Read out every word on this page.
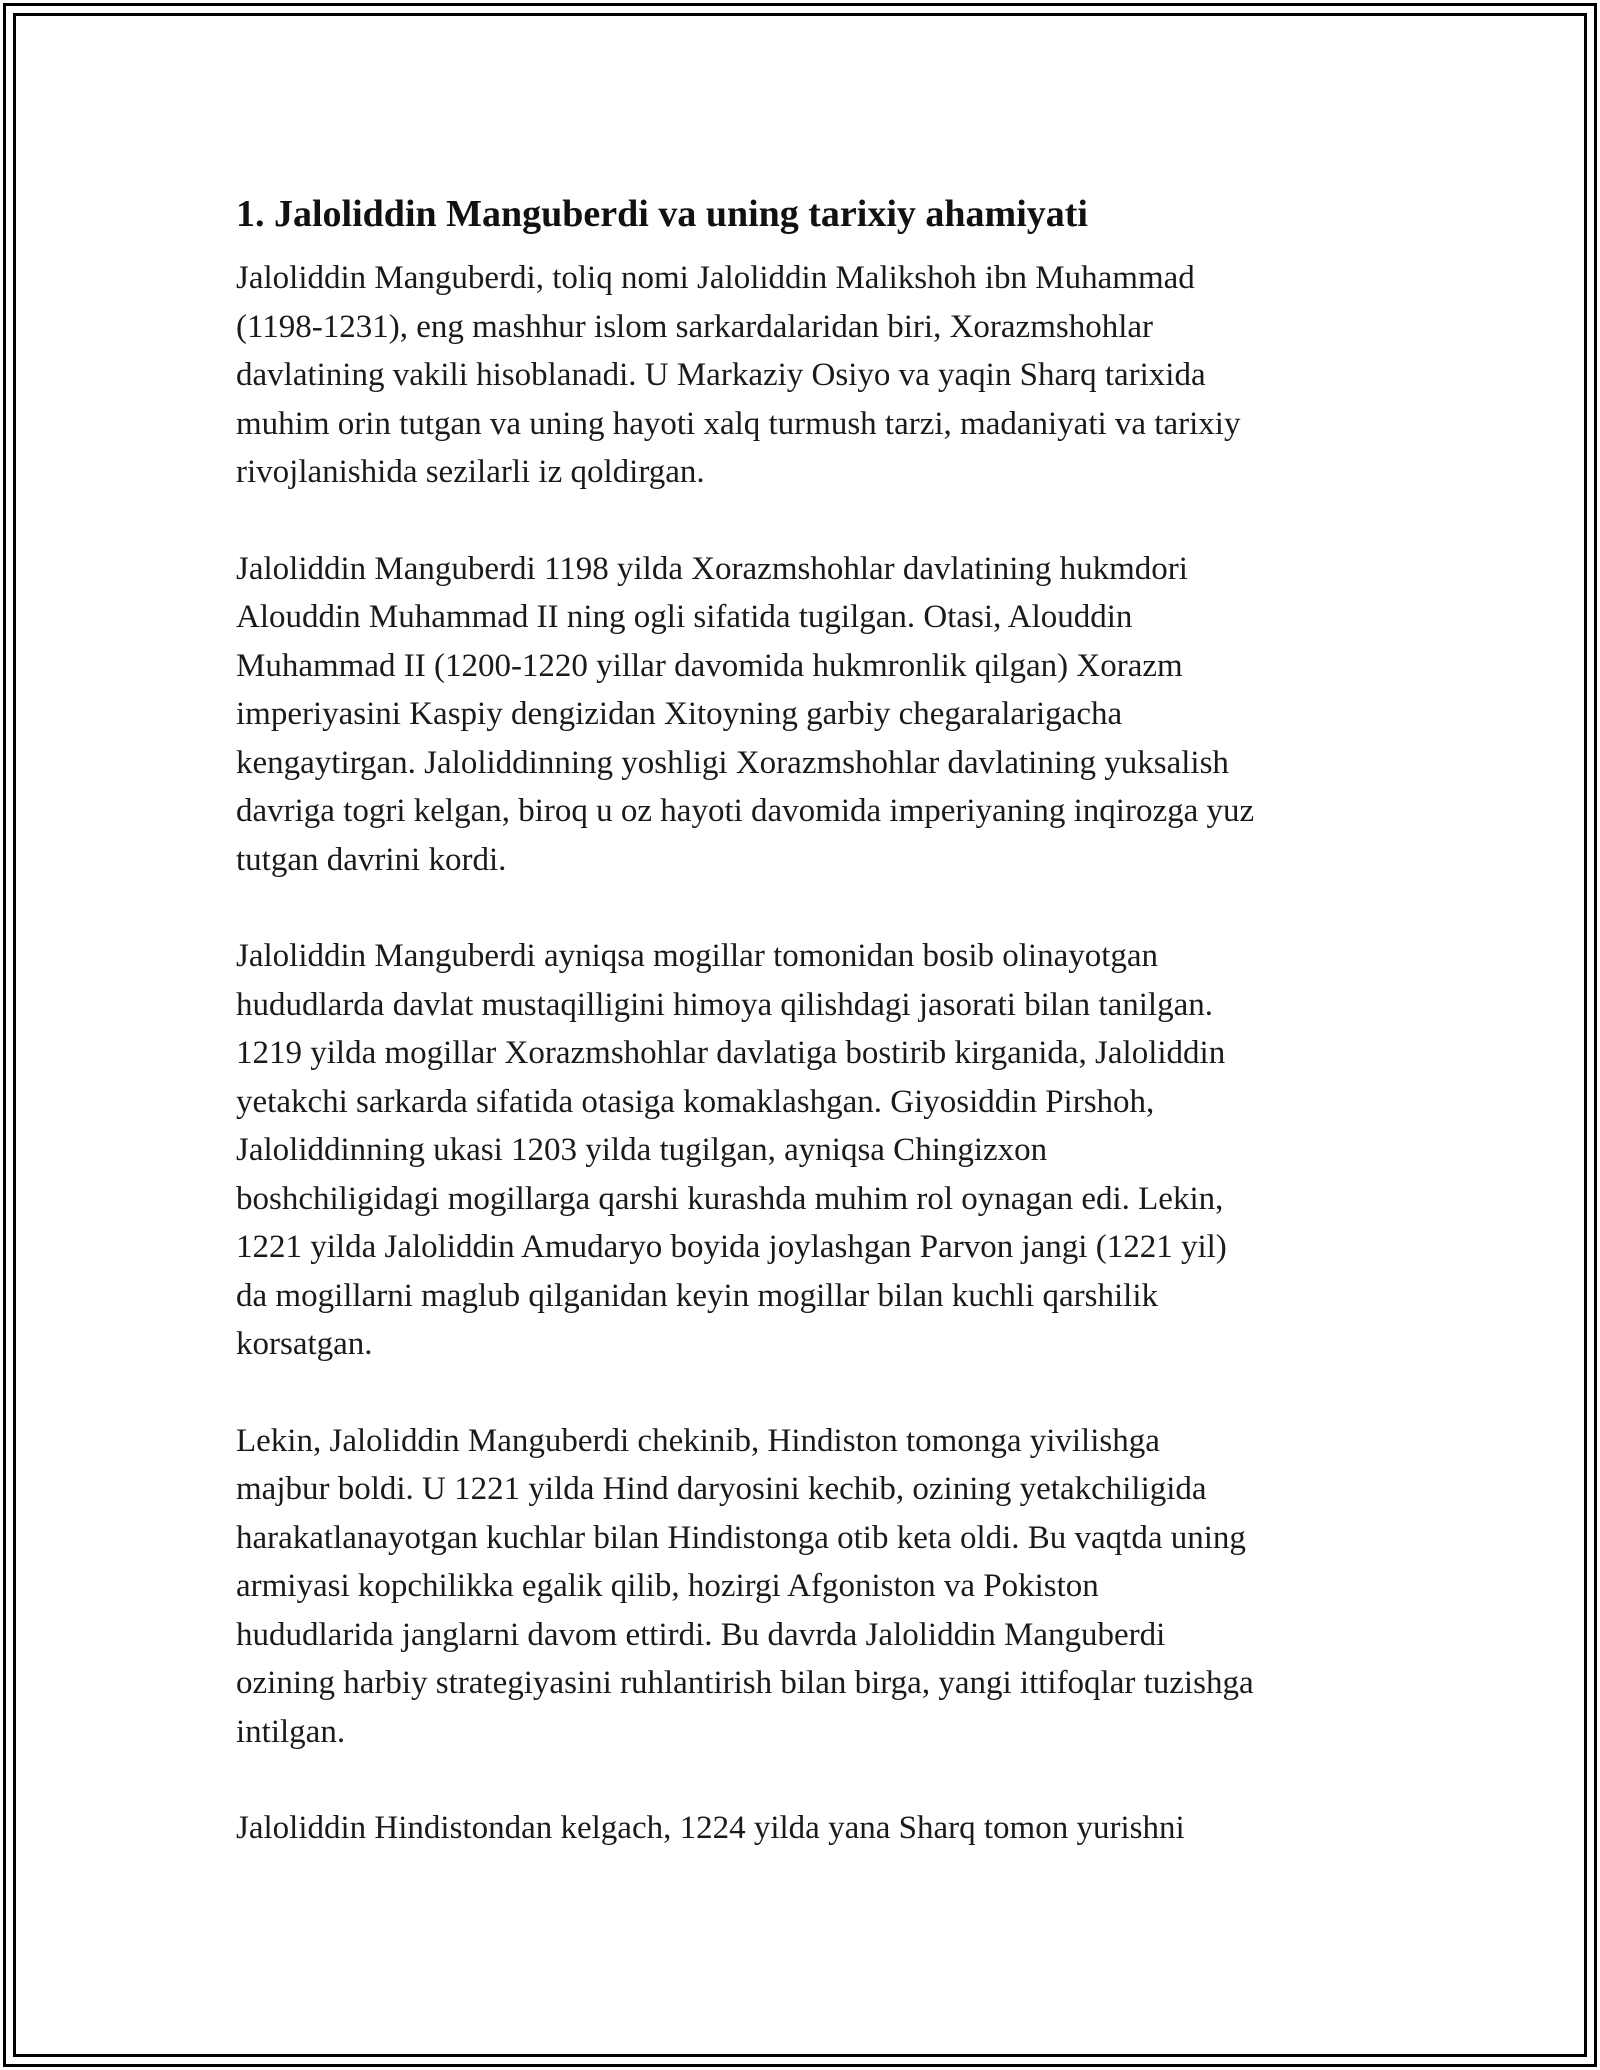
1. Jaloliddin Manguberdi va uning tarixiy ahamiyati

Jaloliddin Manguberdi, toliq nomi Jaloliddin Malikshoh ibn Muhammad
(1198-1231), eng mashhur islom sarkardalaridan biri, Xorazmshohlar
davlatining vakili hisoblanadi. U Markaziy Osiyo va yaqin Sharq tarixida
muhim orin tutgan va uning hayoti xalq turmush tarzi, madaniyati va tarixiy
rivojlanishida sezilarli iz qoldirgan.

Jaloliddin Manguberdi 1198 yilda Xorazmshohlar davlatining hukmdori
Alouddin Muhammad II ning ogli sifatida tugilgan. Otasi, Alouddin
Muhammad II (1200-1220 yillar davomida hukmronlik qilgan) Xorazm
imperiyasini Kaspiy dengizidan Xitoyning garbiy chegaralarigacha
kengaytirgan. Jaloliddinning yoshligi Xorazmshohlar davlatining yuksalish
davriga togri kelgan, biroq u oz hayoti davomida imperiyaning inqirozga yuz
tutgan davrini kordi.

Jaloliddin Manguberdi ayniqsa mogillar tomonidan bosib olinayotgan
hududlarda davlat mustaqilligini himoya qilishdagi jasorati bilan tanilgan.
1219 yilda mogillar Xorazmshohlar davlatiga bostirib kirganida, Jaloliddin
yetakchi sarkarda sifatida otasiga komaklashgan. Giyosiddin Pirshoh,
Jaloliddinning ukasi 1203 yilda tugilgan, ayniqsa Chingizxon
boshchiligidagi mogillarga qarshi kurashda muhim rol oynagan edi. Lekin,
1221 yilda Jaloliddin Amudaryo boyida joylashgan Parvon jangi (1221 yil)
da mogillarni maglub qilganidan keyin mogillar bilan kuchli qarshilik
korsatgan.

Lekin, Jaloliddin Manguberdi chekinib, Hindiston tomonga yivilishga
majbur boldi. U 1221 yilda Hind daryosini kechib, ozining yetakchiligida
harakatlanayotgan kuchlar bilan Hindistonga otib keta oldi. Bu vaqtda uning
armiyasi kopchilikka egalik qilib, hozirgi Afgoniston va Pokiston
hududlarida janglarni davom ettirdi. Bu davrda Jaloliddin Manguberdi
ozining harbiy strategiyasini ruhlantirish bilan birga, yangi ittifoqlar tuzishga
intilgan.

Jaloliddin Hindistondan kelgach, 1224 yilda yana Sharq tomon yurishni
